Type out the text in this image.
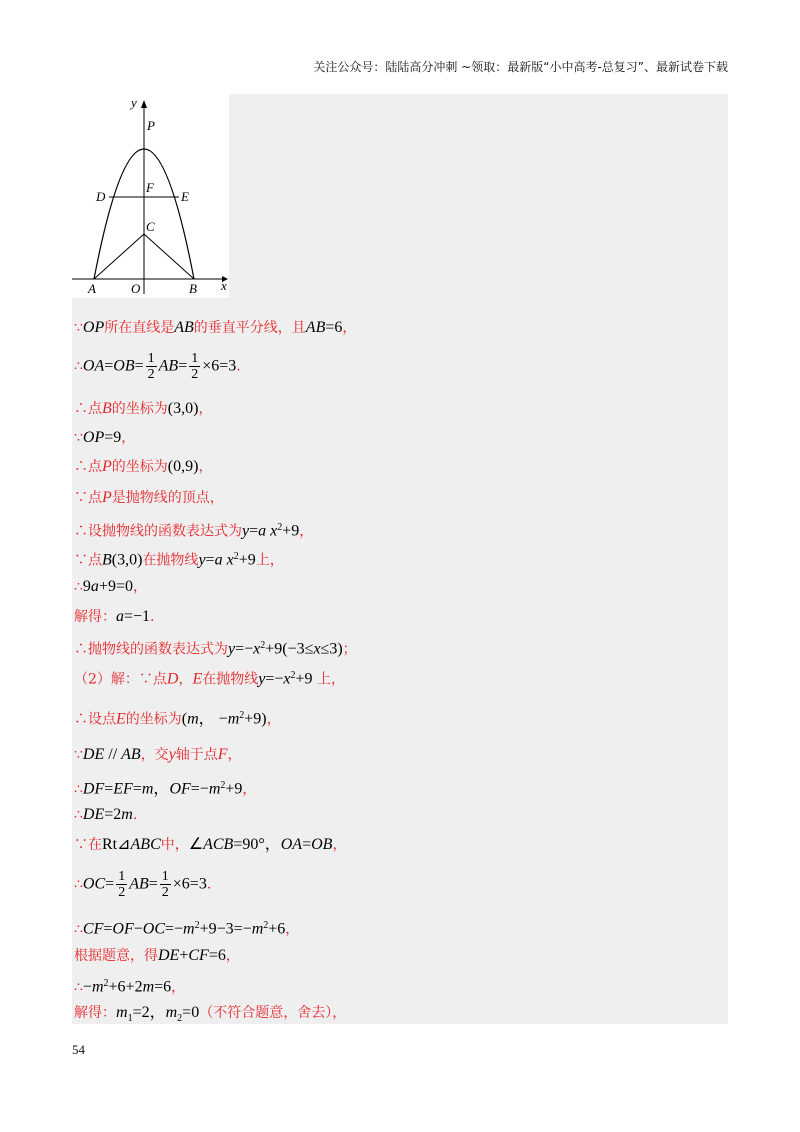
关注公众号：陆陆高分冲刺 ~领取：最新版“小中高考-总复习”、最新试卷下载
y
x
P
D
F
E
C
A	O	B
∵OP所在直线是AB的垂直平分线，且AB=6，
∴OA=OB= $\frac{1}{2} AB= \frac{1}{2} \times 6=3$.
∴点B的坐标为(3,0)，
∵OP=9，
∴点P的坐标为(0,9)，
∵点P是抛物线的顶点，
∴设抛物线的函数表达式为y=a $x^2+9$，
∵点B(3,0)在抛物线y=a $x^2+9$上，
∴9a+9=0，
解得：a=−1.
∴抛物线的函数表达式为$y=-x^2+9(-3\le x\le 3)$；
（2）解：∵点D，E在抛物线$y=-x^2+9$ 上，
∴设点E的坐标为(m， $-m^2+9$)，
∵DE // AB，交y轴于点F，
∴DF=EF=m，$OF=-m^2+9$，
∴DE=2m.
∵在Rt⊿ABC中，∠ACB=90°，OA=OB，
∴OC= $\frac{1}{2} AB= \frac{1}{2} \times 6=3$.
$\therefore CF=OF-OC=-m^2+9-3=-m^2+6$，
根据题意，得DE+CF=6，
$\therefore-m^2+6+2m=6$，
解得：$m_1=2$，$m_2=0$（不符合题意，舍去），
54
